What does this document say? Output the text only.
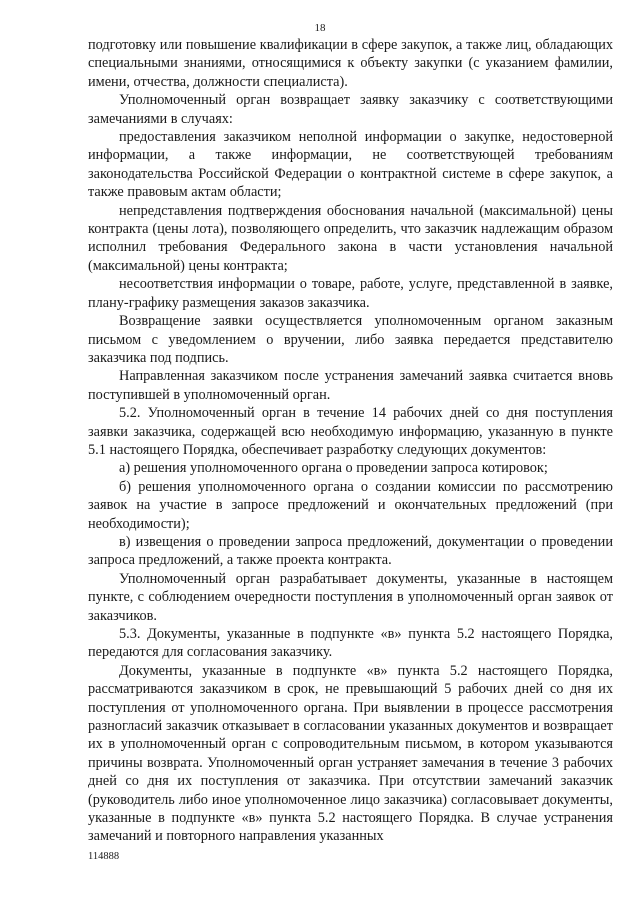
18

подготовку или повышение квалификации в сфере закупок, а также лиц, обладающих специальными знаниями, относящимися к объекту закупки (с указанием фамилии, имени, отчества, должности специалиста).

Уполномоченный орган возвращает заявку заказчику с соответствующими замечаниями в случаях:

предоставления заказчиком неполной информации о закупке, недостоверной информации, а также информации, не соответствующей требованиям законодательства Российской Федерации о контрактной системе в сфере закупок, а также правовым актам области;

непредставления подтверждения обоснования начальной (максимальной) цены контракта (цены лота), позволяющего определить, что заказчик надлежащим образом исполнил требования Федерального закона в части установления начальной (максимальной) цены контракта;

несоответствия информации о товаре, работе, услуге, представленной в заявке, плану-графику размещения заказов заказчика.

Возвращение заявки осуществляется уполномоченным органом заказным письмом с уведомлением о вручении, либо заявка передается представителю заказчика под подпись.

Направленная заказчиком после устранения замечаний заявка считается вновь поступившей в уполномоченный орган.

5.2. Уполномоченный орган в течение 14 рабочих дней со дня поступления заявки заказчика, содержащей всю необходимую информацию, указанную в пункте 5.1 настоящего Порядка, обеспечивает разработку следующих документов:

а) решения уполномоченного органа о проведении запроса котировок;

б) решения уполномоченного органа о создании комиссии по рассмотрению заявок на участие в запросе предложений и окончательных предложений (при необходимости);

в) извещения о проведении запроса предложений, документации о проведении запроса предложений, а также проекта контракта.

Уполномоченный орган разрабатывает документы, указанные в настоящем пункте, с соблюдением очередности поступления в уполномоченный орган заявок от заказчиков.

5.3. Документы, указанные в подпункте «в» пункта 5.2 настоящего Порядка, передаются для согласования заказчику.

Документы, указанные в подпункте «в» пункта 5.2 настоящего Порядка, рассматриваются заказчиком в срок, не превышающий 5 рабочих дней со дня их поступления от уполномоченного органа. При выявлении в процессе рассмотрения разногласий заказчик отказывает в согласовании указанных документов и возвращает их в уполномоченный орган с сопроводительным письмом, в котором указываются причины возврата. Уполномоченный орган устраняет замечания в течение 3 рабочих дней со дня их поступления от заказчика. При отсутствии замечаний заказчик (руководитель либо иное уполномоченное лицо заказчика) согласовывает документы, указанные в подпункте «в» пункта 5.2 настоящего Порядка. В случае устранения замечаний и повторного направления указанных

114888
